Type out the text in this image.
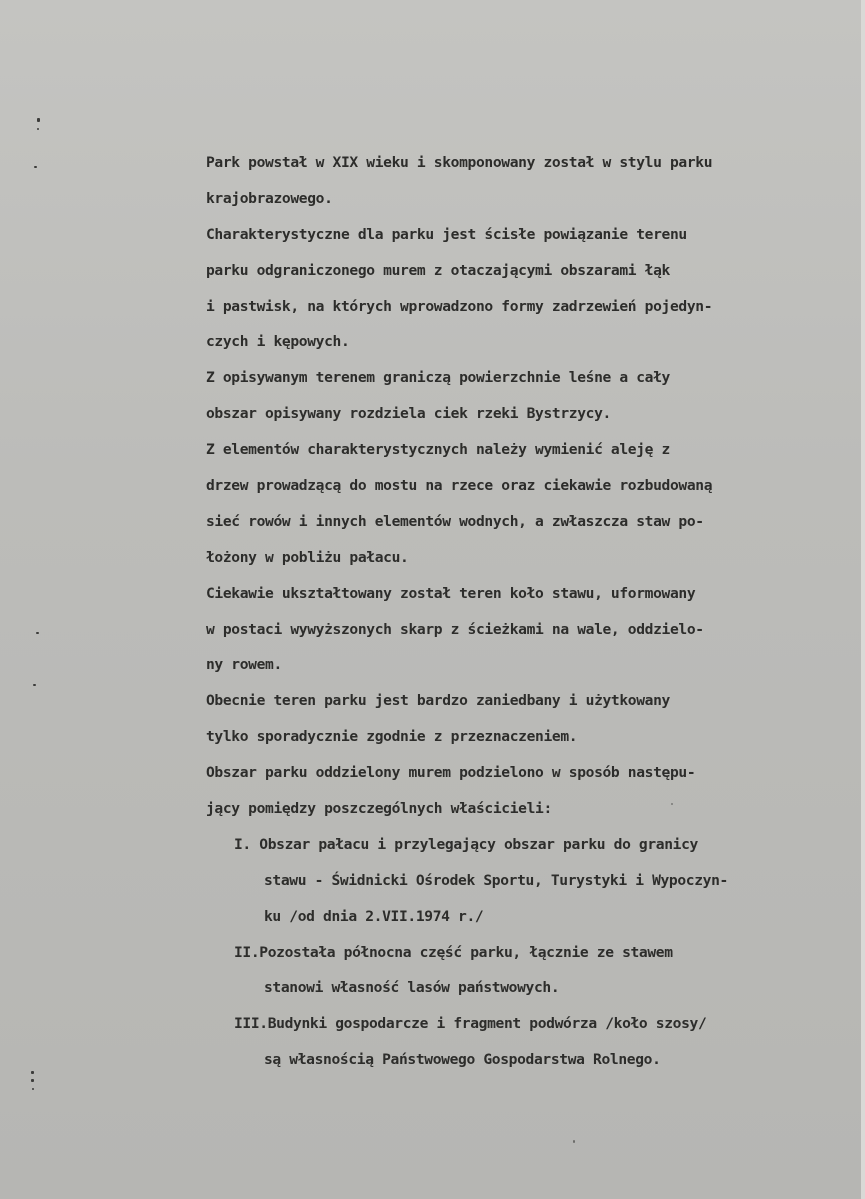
Park powstał w XIX wieku i skomponowany został w stylu parku
krajobrazowego.
Charakterystyczne dla parku jest ścisłe powiązanie terenu
parku odgraniczonego murem z otaczającymi obszarami łąk
i pastwisk, na których wprowadzono formy zadrzewień pojedyn-
czych i kępowych.
Z opisywanym terenem graniczą powierzchnie leśne a cały
obszar opisywany rozdziela ciek rzeki Bystrzycy.
Z elementów charakterystycznych należy wymienić aleję z
drzew prowadzącą do mostu na rzece oraz ciekawie rozbudowaną
sieć rowów i innych elementów wodnych, a zwłaszcza staw po-
łożony w pobliżu pałacu.
Ciekawie ukształtowany został teren koło stawu, uformowany
w postaci wywyższonych skarp z ścieżkami na wale, oddzielo-
ny rowem.
Obecnie teren parku jest bardzo zaniedbany i użytkowany
tylko sporadycznie zgodnie z przeznaczeniem.
Obszar parku oddzielony murem podzielono w sposób następu-
jący pomiędzy poszczególnych właścicieli:
I. Obszar pałacu i przylegający obszar parku do granicy
stawu - Świdnicki Ośrodek Sportu, Turystyki i Wypoczyn-
ku /od dnia 2.VII.1974 r./
II.Pozostała północna część parku, łącznie ze stawem
stanowi własność lasów państwowych.
III.Budynki gospodarcze i fragment podwórza /koło szosy/
są własnością Państwowego Gospodarstwa Rolnego.
